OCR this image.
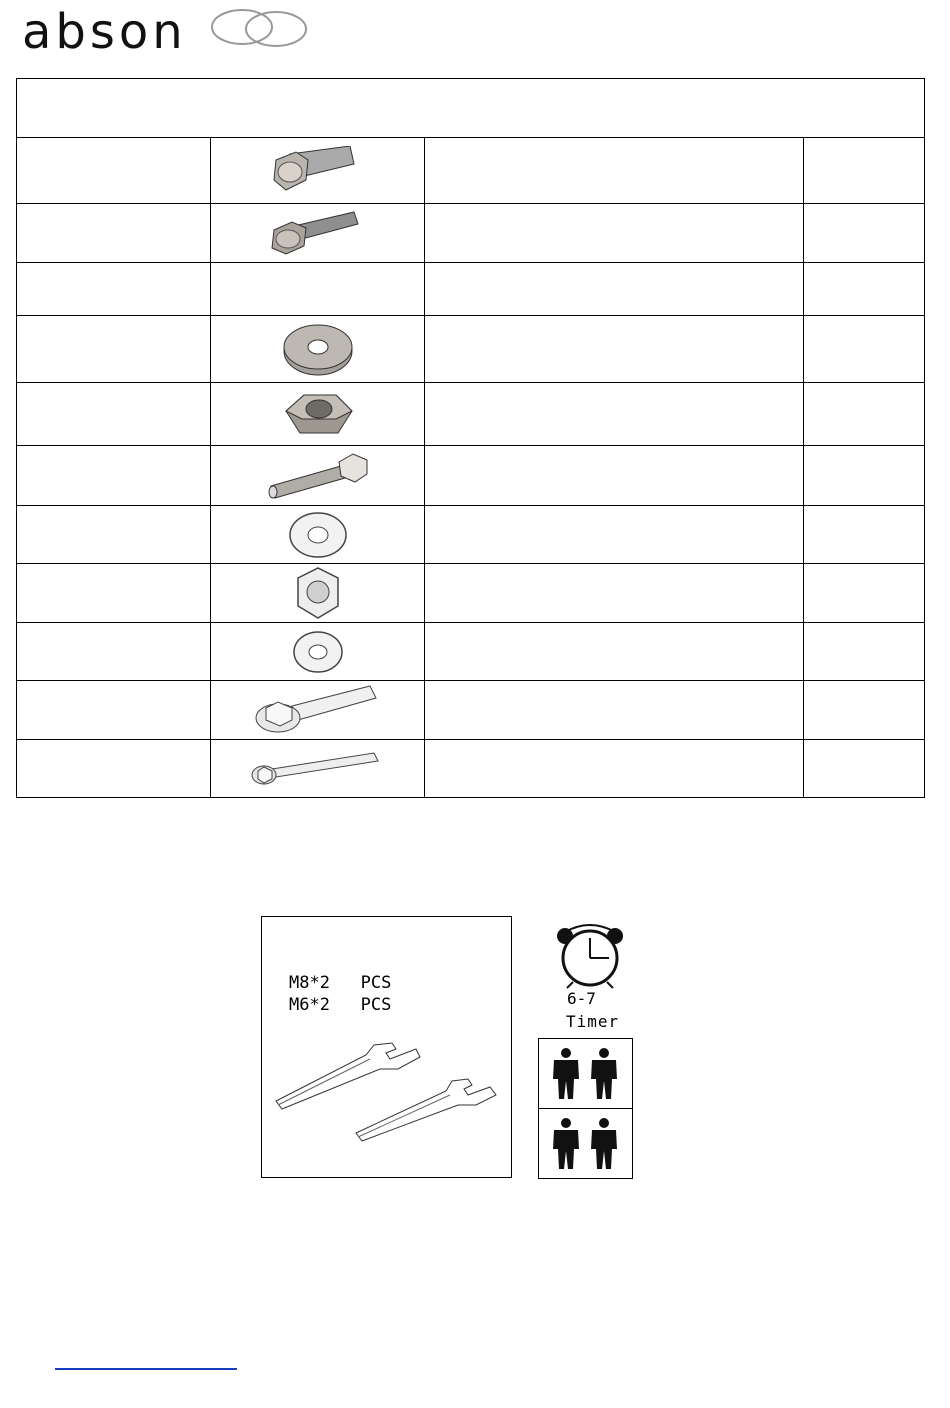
abson

M8*2   PCS
M6*2   PCS	6-7
Timer
